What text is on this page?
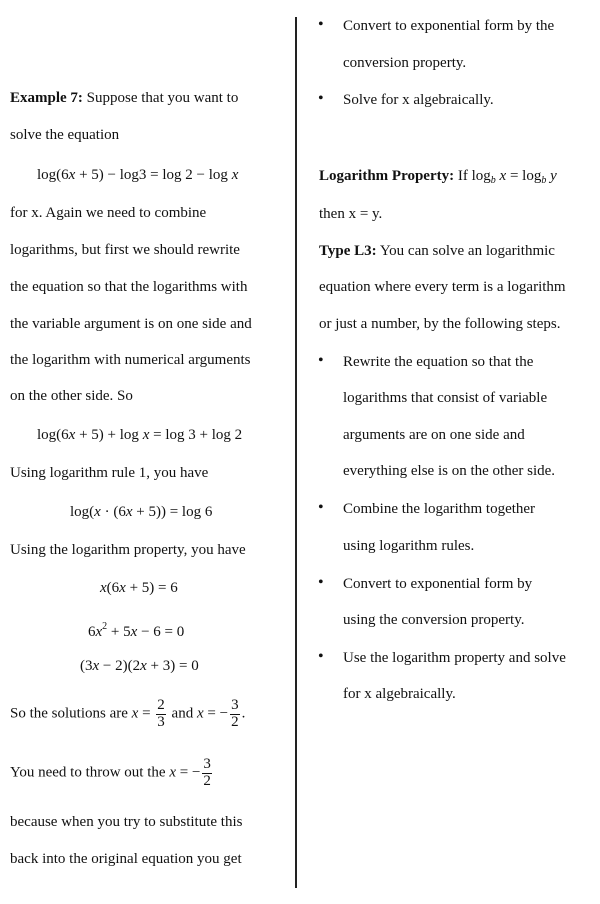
Example 7: Suppose that you want to
solve the equation
log(6x + 5) − log3 = log 2 − log x
for x. Again we need to combine
logarithms, but first we should rewrite
the equation so that the logarithms with
the variable argument is on one side and
the logarithm with numerical arguments
on the other side. So
log(6x + 5) + log x = log 3 + log 2
Using logarithm rule 1, you have
log(x · (6x + 5)) = log 6
Using the logarithm property, you have
x(6x + 5) = 6
$6x^2 + 5x - 6 = 0$
(3x − 2)(2x + 3) = 0
So the solutions are $x = \frac{2}{3}$ and x = − $\frac{3}{2}$ .
You need to throw out the x = − $\frac{3}{2}$
because when you try to substitute this
back into the original equation you get
• Convert to exponential form by the
conversion property.
• Solve for x algebraically.
Logarithm Property: If $\log_b x = \log_b y$
then x = y.
Type L3: You can solve an logarithmic
equation where every term is a logarithm
or just a number, by the following steps.
• Rewrite the equation so that the
logarithms that consist of variable
arguments are on one side and
everything else is on the other side.
• Combine the logarithm together
using logarithm rules.
• Convert to exponential form by
using the conversion property.
• Use the logarithm property and solve
for x algebraically.
